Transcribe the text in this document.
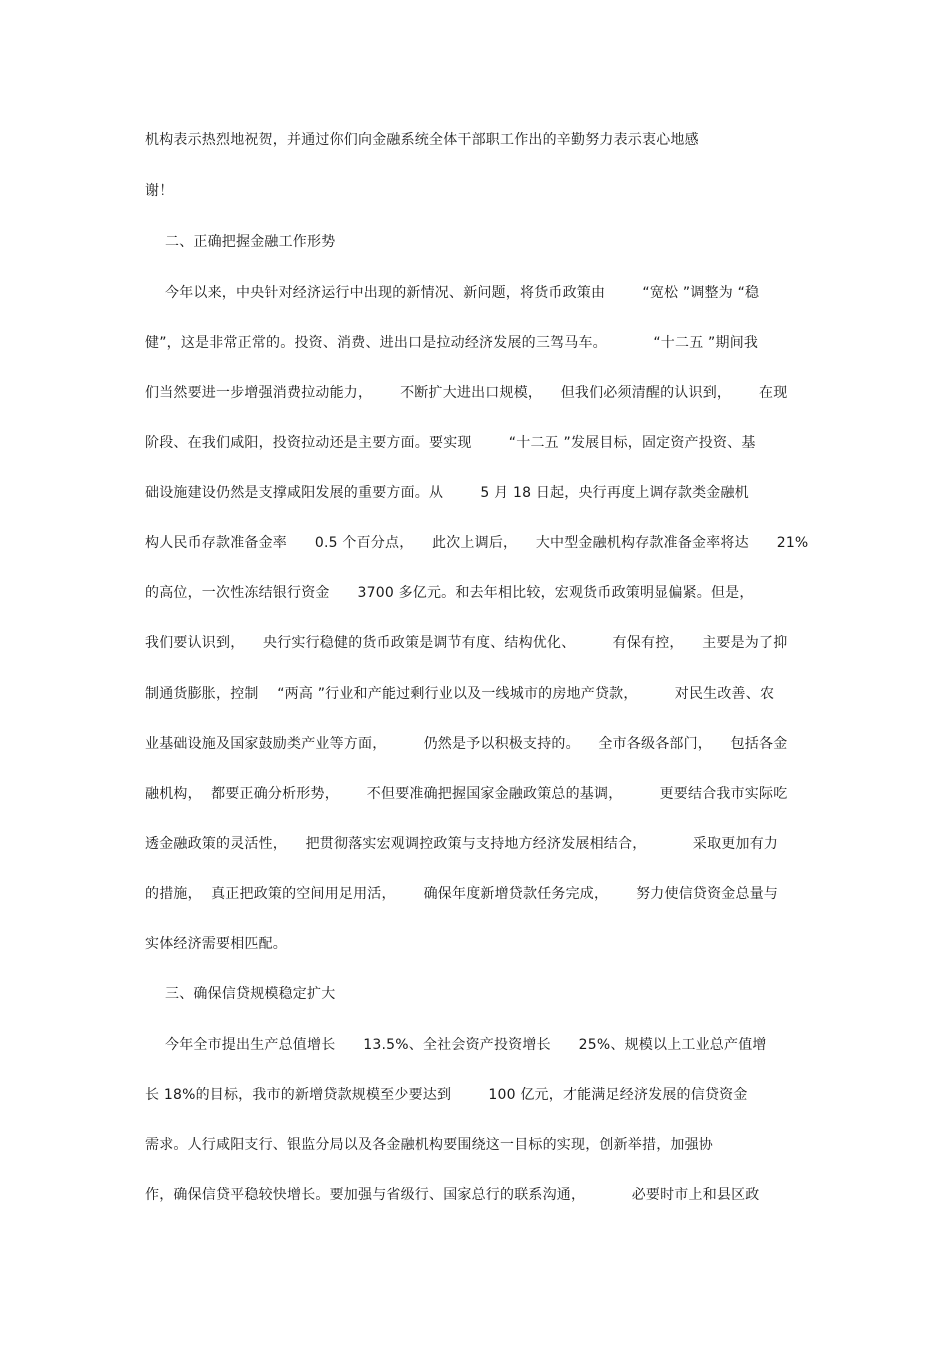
机构表示热烈地祝贺，并通过你们向金融系统全体干部职工作出的辛勤努力表示衷心地感
谢！
二、正确把握金融工作形势
今年以来，中央针对经济运行中出现的新情况、新问题，将货币政策由        “宽松 ”调整为 “稳
健”，这是非常正常的。投资、消费、进出口是拉动经济发展的三驾马车。          “十二五 ”期间我
们当然要进一步增强消费拉动能力，      不断扩大进出口规模，    但我们必须清醒的认识到，      在现
阶段、在我们咸阳，投资拉动还是主要方面。要实现        “十二五 ”发展目标，固定资产投资、基
础设施建设仍然是支撑咸阳发展的重要方面。从        5 月 18 日起，央行再度上调存款类金融机
构人民币存款准备金率      0.5 个百分点，    此次上调后，    大中型金融机构存款准备金率将达      21%
的高位，一次性冻结银行资金      3700 多亿元。和去年相比较，宏观货币政策明显偏紧。但是，
我们要认识到，    央行实行稳健的货币政策是调节有度、结构优化、        有保有控，    主要是为了抑
制通货膨胀，控制    “两高 ”行业和产能过剩行业以及一线城市的房地产贷款，        对民生改善、农
业基础设施及国家鼓励类产业等方面，        仍然是予以积极支持的。    全市各级各部门，    包括各金
融机构，  都要正确分析形势，      不但要准确把握国家金融政策总的基调，        更要结合我市实际吃
透金融政策的灵活性，    把贯彻落实宏观调控政策与支持地方经济发展相结合，          采取更加有力
的措施，  真正把政策的空间用足用活，      确保年度新增贷款任务完成，      努力使信贷资金总量与
实体经济需要相匹配。
三、确保信贷规模稳定扩大
今年全市提出生产总值增长      13.5%、全社会资产投资增长      25%、规模以上工业总产值增
长 18%的目标，我市的新增贷款规模至少要达到        100 亿元，才能满足经济发展的信贷资金
需求。人行咸阳支行、银监分局以及各金融机构要围绕这一目标的实现，创新举措，加强协
作，确保信贷平稳较快增长。要加强与省级行、国家总行的联系沟通，          必要时市上和县区政
